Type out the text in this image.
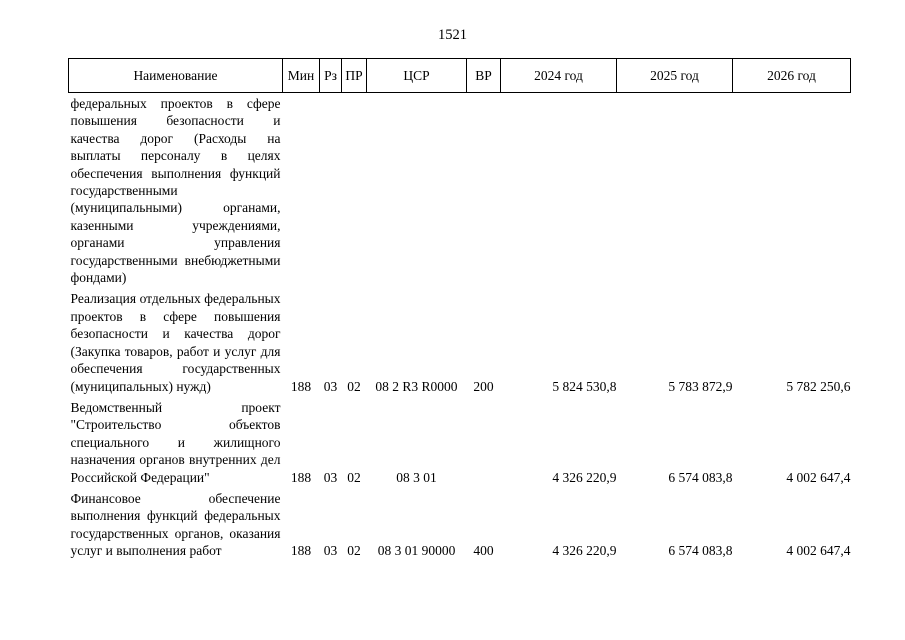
1521
Наименование	Мин	Рз	ПР	ЦСР	ВР	2024 год	2025 год	2026 год
федеральных проектов в сфере повышения безопасности и качества дорог (Расходы на выплаты персоналу в целях обеспечения выполнения функций государственными (муниципальными) органами, казенными учреждениями, органами управления государственными внебюджетными фондами)								

Реализация отдельных федеральных проектов в сфере повышения безопасности и качества дорог (Закупка товаров, работ и услуг для обеспечения государственных (муниципальных) нужд)	188	03	02	08 2 R3 R0000	200	5 824 530,8	5 783 872,9	5 782 250,6

Ведомственный проект "Строительство объектов специального и жилищного назначения органов внутренних дел Российской Федерации"	188	03	02	08 3 01		4 326 220,9	6 574 083,8	4 002 647,4

Финансовое обеспечение выполнения функций федеральных государственных органов, оказания услуг и выполнения работ	188	03	02	08 3 01 90000	400	4 326 220,9	6 574 083,8	4 002 647,4
